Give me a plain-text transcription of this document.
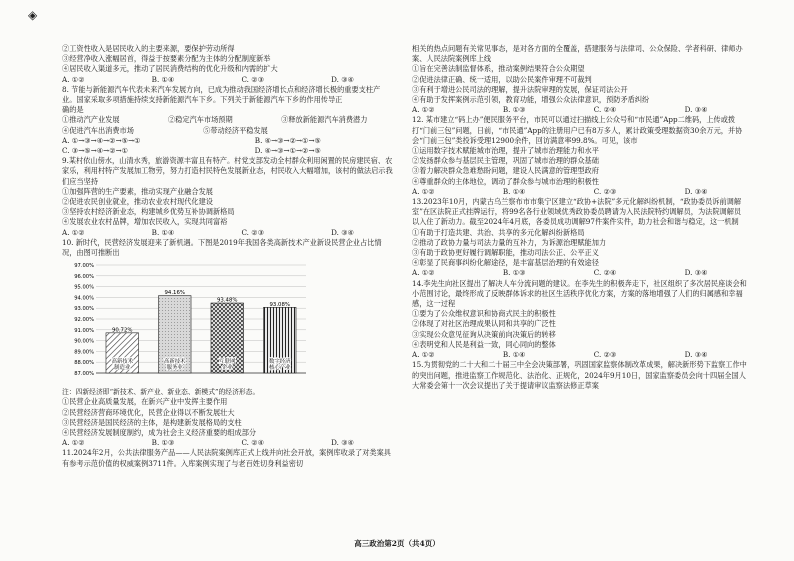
◈
②工资性收入是居民收入的主要来源，要保护劳动所得
③经营净收入涨幅居首，得益于按要素分配为主体的分配制度新举
④居民收入渠道多元，推动了居民消费结构的优化升级和内需的扩大
A. ①②	B. ①④	C. ②③	D. ③④
8. 节能与新能源汽车代表未来汽车发展方向，已成为推动我国经济增长点和经济增长极的重要支柱产业。国家采取多项措施持续支持新能源汽车下乡。下列关于新能源汽车下乡的作用传导正
确的是
①推动汽产业发展	②稳定汽车市场预期	③释放新能源汽车消费潜力
④促进汽车出消费市场	⑤带动经济平稳发展
A. ①→③→④→②→⑤→①	B. ④→③→②→①→⑤
C. ③→⑤→④→②→①	D. ④→③→①→②→⑤
9.某村依山傍水，山清水秀，旅游资源丰富且有特产。村党支部发动全村群众利用闲置的民房建民宿、农家乐，利用村特产发展加工物劳，努力打造村民特色发展新业态，村民收入大幅增加，该村的做法启示我们应当坚持
①加强阵营的生产要素，推动实现产业融合发展
②促进农民创业就业，推动农业农村现代化建设
③坚持农村经济新业态，构建城乡优势互补协调新格局
④发展农业农村品牌，增加农民收入，实现共同富裕
A. ①②	B. ①④	C. ②③	D. ③④
10. 新时代，民营经济发展迎来了新机遇。下图是2019年我国各类高新技术产业新设民营企业占比情况，由图可推断出
97.00%
96.00%
95.00%
94.00%
93.00%
92.00%
91.00%
90.00%
89.00%
88.00%
87.00%
90.72%
高新技术
制造业
94.16%
高新技术
服务业
93.48%
互联网
企业
93.08%
数字经济
核心产业
注：四新经济即“新技术、新产业、新业态、新模式”的经济形态。
①民营企业高质量发展，在新兴产业中发挥主要作用
②民营经济营商环境优化，民营企业得以不断发展壮大
③民营经济是国民经济的主体，是构建新发展格局的支柱
④民营经济发展制度制约，成为社会主义经济重要的组成部分
A. ①②	B. ①③	C. ②④	D. ③④
11.2024年2月，公共法律服务产品——人民法院案例库正式上线并向社会开放，案例库收录了对类案具有参考示范价值的权威案例3711件。入库案例实现了与老百姓切身利益密切
相关的热点问题有关常见事态，是对各方面的全覆盖，搭建服务与法律司、公众保险、学者科研、律师办案、人民法院案例库上线
①旨在完善法制监督体系，推动案例结果符合公众期望
②促进法律正确、统一适用，以助公民案件审理不可裁判
③有利于增进公民司法的理解，提升法院审理的发展，保证司法公开
④有助于发挥案例示范引领，教育功能，增强公众法律意识，预防矛盾纠纷
A. ①②	B. ①③	C. ②④	D. ③④
12. 某市建立“码上办”便民服务平台，市民可以通过扫描线上公众号和“市民通”App二维码，上传或拨打“门前三包”问题，日前，“市民通”App的注册用户已有8万多人，累计政策受理数据资30余万元，并协会“门前三包”类投诉受理12900余件，回访满意率99.8%。可见，该市
①运用数字技术赋能城市治理，提升了城市治理能力和水平
②发扬群众参与基层民主管理，巩固了城市治理的群众基础
③着力解决群众急难愁盼问题，建设人民满意的管理型政府
④尊重群众的主体地位，调动了群众参与城市治理的积极性
A. ①②	B. ①④	C. ②③	D. ③④
13.2023年10月，内蒙古乌兰察布市市集宁区建立“政协+法院”多元化解纠纷机制，“政协委员诉前调解室”在区法院正式挂牌运行，将99名各行业领域优秀政协委员聘请为入民法院特约调解员，为法院调解员以入住了新动力。截至2024年4月底，各委员成功调解97件案件实件，助力社会和谐与稳定，这一机制
①有助于打造共建、共治、共享的多元化解纠纷新格局
②推动了政协力量与司法力量的互补力，为诉源治理赋能加力
③有助于政协更好履行调解职能，推动司法公正、公平正义
④彰显了民商事纠纷化解途径，是丰富基层治理的有效途径
A. ①②	B. ①③	C. ②④	D. ③④
14.李先生向社区提出了解决人车分流问题的建议。在李先生的积极奔走下，社区组织了多次居民座谈会和小范围讨论，最终形成了反映群体诉求的社区生活秩序优化方案，方案的落地增强了人们的归属感和幸福感，这一过程
①要为了公众维权意识和协商式民主的积极性
②体现了对社区治理成果认同和共享的广泛性
③实现公众意见征询从决策前向决策后的转移
④表明党和人民是利益一致，同心同向的整体
A. ①②	B. ①④	C. ②③	D. ③④
15.为贯彻党的二十大和二十届三中全会决策部署，巩固国家监察体制改革成果，解决新形势下监察工作中的突出问题，推进监察工作规范化、法治化、正规化，2024年9月10日，国家监察委员会向十四届全国人大常委会第十一次会议提出了关于提请审议监察法修正草案
高三政治第2页（共4页）
